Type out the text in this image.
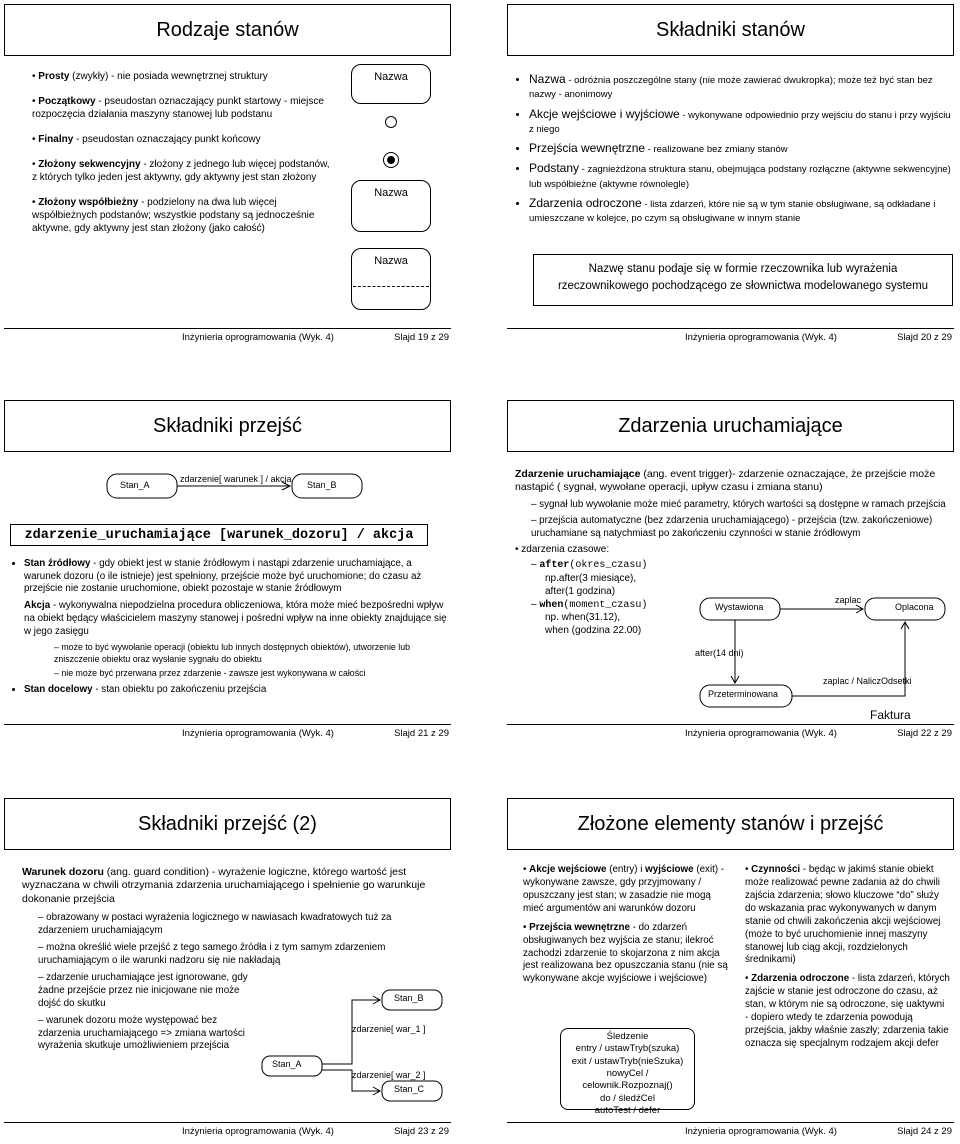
Rodzaje stanów

• Prosty (zwykły) - nie posiada wewnętrznej struktury

• Początkowy - pseudostan oznaczający punkt startowy - miejsce rozpoczęcia działania maszyny stanowej lub podstanu

• Finalny - pseudostan oznaczający punkt końcowy

• Złożony sekwencyjny - złożony z jednego lub więcej podstanów, z których tylko jeden jest aktywny, gdy aktywny jest stan złożony

• Złożony współbieżny - podzielony na dwa lub więcej współbieżnych podstanów; wszystkie podstany są jednocześnie aktywne, gdy aktywny jest stan złożony (jako całość)

Nazwa
Nazwa
Nazwa
Inżynieria oprogramowania (Wyk. 4)	Slajd 19 z 29
Składniki stanów
• Nazwa - odróżnia poszczególne stany (nie może zawierać dwukropka); może też być stan bez nazwy - anonimowy
• Akcje wejściowe i wyjściowe - wykonywane odpowiednio przy wejściu do stanu i przy wyjściu z niego
• Przejścia wewnętrzne - realizowane bez zmiany stanów
• Podstany - zagnieżdżona struktura stanu, obejmująca podstany rozłączne (aktywne sekwencyjne) lub współbieżne (aktywne równolegle)
• Zdarzenia odroczone - lista zdarzeń, które nie są w tym stanie obsługiwane, są odkładane i umieszczane w kolejce, po czym są obsługiwane w innym stanie
Nazwę stanu podaje się w formie rzeczownika lub wyrażenia
rzeczownikowego pochodzącego ze słownictwa modelowanego systemu
Inżynieria oprogramowania (Wyk. 4)	Slajd 20 z 29
Składniki przejść
Stan_A	Stan_B
zdarzenie[ warunek ] / akcja
zdarzenie_uruchamiające [warunek_dozoru] / akcja
• Stan źródłowy - gdy obiekt jest w stanie źródłowym i nastąpi zdarzenie uruchamiające, a warunek dozoru (o ile istnieje) jest spełniony, przejście może być uruchomione; do czasu aż przejście nie zostanie uruchomione, obiekt pozostaje w stanie źródłowym
Akcja - wykonywalna niepodzielna procedura obliczeniowa, która może mieć bezpośredni wpływ na obiekt będący właścicielem maszyny stanowej i pośredni wpływ na inne obiekty znajdujące się w jego zasięgu
– może to być wywołanie operacji (obiektu lub innych dostępnych obiektów), utworzenie lub zniszczenie obiektu oraz wysłanie sygnału do obiektu
– nie może być przerwana przez zdarzenie - zawsze jest wykonywana w całości
• Stan docelowy - stan obiektu po zakończeniu przejścia
Inżynieria oprogramowania (Wyk. 4)	Slajd 21 z 29
Zdarzenia uruchamiające
Zdarzenie uruchamiające (ang. event trigger)- zdarzenie oznaczające, że przejście może nastąpić ( sygnał, wywołane operacji, upływ czasu i zmiana stanu)
– sygnał lub wywołanie może mieć parametry, których wartości są dostępne w ramach przejścia
– przejścia automatyczne (bez zdarzenia uruchamiającego) - przejścia (tzw. zakończeniowe) uruchamiane są natychmiast po zakończeniu czynności w stanie źródłowym
• zdarzenia czasowe:
– after(okres_czasu)
np.after(3 miesiące),
after(1 godzina)
– when(moment_czasu)
np. when(31.12),
when (godzina 22.00)
Wystawiona	Oplacona
Przeterminowana
zaplac
after(14 dni)
zaplac / NaliczOdsetki
Faktura
Inżynieria oprogramowania (Wyk. 4)	Slajd 22 z 29
Składniki przejść (2)
Warunek dozoru (ang. guard condition) - wyrażenie logiczne, którego wartość jest wyznaczana w chwili otrzymania zdarzenia uruchamiającego i spełnienie go warunkuje dokonanie przejścia
– obrazowany w postaci wyrażenia logicznego w nawiasach kwadratowych tuż za zdarzeniem uruchamiającym
– można określić wiele przejść z tego samego źródła i z tym samym zdarzeniem uruchamiającym o ile warunki nadzoru się nie nakładają
– zdarzenie uruchamiające jest ignorowane, gdy żadne przejście przez nie inicjowane nie może dojść do skutku
– warunek dozoru może występować bez zdarzenia uruchamiającego => zmiana wartości wyrażenia skutkuje umożliwieniem przejścia
Stan_B
Stan_A
Stan_C
zdarzenie[ war_1 ]
zdarzenie[ war_2 ]
Inżynieria oprogramowania (Wyk. 4)	Slajd 23 z 29
Złożone elementy stanów i przejść
• Akcje wejściowe (entry) i wyjściowe (exit) - wykonywane zawsze, gdy przyjmowany / opuszczany jest stan; w zasadzie nie mogą mieć argumentów ani warunków dozoru
• Przejścia wewnętrzne - do zdarzeń obsługiwanych bez wyjścia ze stanu; ilekroć zachodzi zdarzenie to skojarzona z nim akcja jest realizowana bez opuszczania stanu (nie są wykonywane akcje wyjściowe i wejściowe)
Śledzenie
entry / ustawTryb(szuka)
exit / ustawTryb(nieSzuka)
nowyCel / celownik.Rozpoznaj()
do / śledźCel
autoTest / defer
• Czynności - będąc w jakimś stanie obiekt może realizować pewne zadania aż do chwili zajścia zdarzenia; słowo kluczowe “do” służy do wskazania prac wykonywanych w danym stanie od chwili zakończenia akcji wejściowej (może to być uruchomienie innej maszyny stanowej lub ciąg akcji, rozdzielonych średnikami)
• Zdarzenia odroczone - lista zdarzeń, których zajście w stanie jest odroczone do czasu, aż stan, w którym nie są odroczone, się uaktywni - dopiero wtedy te zdarzenia powodują przejścia, jakby właśnie zaszły; zdarzenia takie oznacza się specjalnym rodzajem akcji defer
Inżynieria oprogramowania (Wyk. 4)	Slajd 24 z 29
